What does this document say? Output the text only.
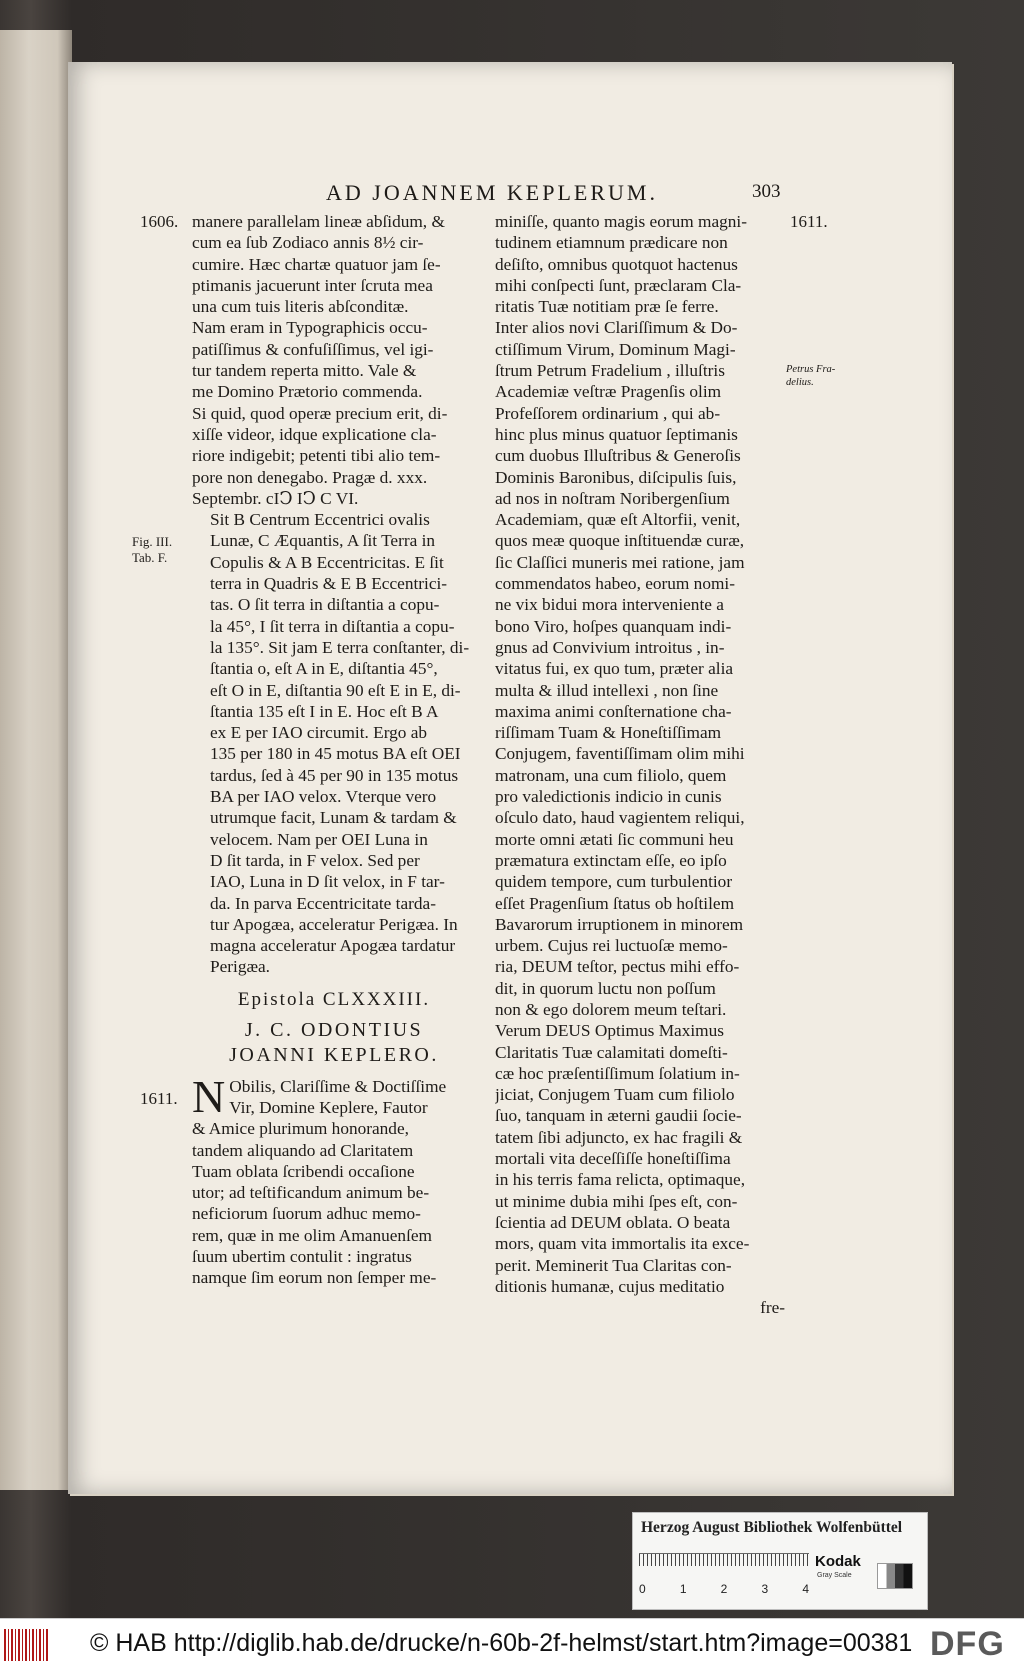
AD JOANNEM KEPLERUM.	303
1606.
Fig. III.
Tab. F.
1611.
1611.
Petrus Fra-
delius.

manere parallelam lineæ abſidum, &
cum ea ſub Zodiaco annis 8½ cir-
cumire. Hæc chartæ quatuor jam ſe-
ptimanis jacuerunt inter ſcruta mea
una cum tuis literis abſconditæ.
Nam eram in Typographicis occu-
patiſſimus & confuſiſſimus, vel igi-
tur tandem reperta mitto. Vale &
me Domino Prætorio commenda.
Si quid, quod operæ precium erit, di-
xiſſe videor, idque explicatione cla-
riore indigebit; petenti tibi alio tem-
pore non denegabo. Pragæ d. xxx.
Septembr. cIↃ IↃ C VI.

Sit B Centrum Eccentrici ovalis
Lunæ, C Æquantis, A ſit Terra in
Copulis & A B Eccentricitas. E ſit
terra in Quadris & E B Eccentrici-
tas. O ſit terra in diſtantia a copu-
la 45°, I ſit terra in diſtantia a copu-
la 135°. Sit jam E terra conſtanter, di-
ſtantia o, eſt A in E, diſtantia 45°,
eſt O in E, diſtantia 90 eſt E in E, di-
ſtantia 135 eſt I in E. Hoc eſt B A
ex E per IAO circumit. Ergo ab
135 per 180 in 45 motus BA eſt OEI
tardus, ſed à 45 per 90 in 135 motus
BA per IAO velox. Vterque vero
utrumque facit, Lunam & tardam &
velocem. Nam per OEI Luna in
D ſit tarda, in F velox. Sed per
IAO, Luna in D ſit velox, in F tar-
da. In parva Eccentricitate tarda-
tur Apogæa, acceleratur Perigæa. In
magna acceleratur Apogæa tardatur
Perigæa.

Epistola CLXXXIII.
J. C. ODONTIUS
JOANNI KEPLERO.

N Obilis, Clariſſime & Doctiſſime
Vir, Domine Keplere, Fautor
& Amice plurimum honorande,
tandem aliquando ad Claritatem
Tuam oblata ſcribendi occaſione
utor; ad teſtificandum animum be-
neficiorum ſuorum adhuc memo-
rem, quæ in me olim Amanuenſem
ſuum ubertim contulit : ingratus
namque ſim eorum non ſemper me-

miniſſe, quanto magis eorum magni-
tudinem etiamnum prædicare non
deſiſto, omnibus quotquot hactenus
mihi conſpecti ſunt, præclaram Cla-
ritatis Tuæ notitiam præ ſe ferre.
Inter alios novi Clariſſimum & Do-
ctiſſimum Virum, Dominum Magi-
ſtrum Petrum Fradelium , illuſtris
Academiæ veſtræ Pragenſis olim
Profeſſorem ordinarium , qui ab-
hinc plus minus quatuor ſeptimanis
cum duobus Illuſtribus & Generoſis
Dominis Baronibus, diſcipulis ſuis,
ad nos in noſtram Noribergenſium
Academiam, quæ eſt Altorfii, venit,
quos meæ quoque inſtituendæ curæ,
ſic Claſſici muneris mei ratione, jam
commendatos habeo, eorum nomi-
ne vix bidui mora interveniente a
bono Viro, hoſpes quanquam indi-
gnus ad Convivium introitus , in-
vitatus fui, ex quo tum, præter alia
multa & illud intellexi , non ſine
maxima animi conſternatione cha-
riſſimam Tuam & Honeſtiſſimam
Conjugem, faventiſſimam olim mihi
matronam, una cum filiolo, quem
pro valedictionis indicio in cunis
oſculo dato, haud vagientem reliqui,
morte omni ætati ſic communi heu
præmatura extinctam eſſe, eo ipſo
quidem tempore, cum turbulentior
eſſet Pragenſium ſtatus ob hoſtilem
Bavarorum irruptionem in minorem
urbem. Cujus rei luctuoſæ memo-
ria, DEUM teſtor, pectus mihi effo-
dit, in quorum luctu non poſſum
non & ego dolorem meum teſtari.
Verum DEUS Optimus Maximus
Claritatis Tuæ calamitati domeſti-
cæ hoc præſentiſſimum ſolatium in-
jiciat, Conjugem Tuam cum filiolo
ſuo, tanquam in æterni gaudii ſocie-
tatem ſibi adjuncto, ex hac fragili &
mortali vita deceſſiſſe honeſtiſſima
in his terris fama relicta, optimaque,
ut minime dubia mihi ſpes eſt, con-
ſcientia ad DEUM oblata. O beata
mors, quam vita immortalis ita exce-
perit. Meminerit Tua Claritas con-
ditionis humanæ, cujus meditatio

fre-
Herzog August Bibliothek Wolfenbüttel
0	1	2	3	4
Kodak
Gray Scale
© HAB http://diglib.hab.de/drucke/n-60b-2f-helmst/start.htm?image=00381 DFG
